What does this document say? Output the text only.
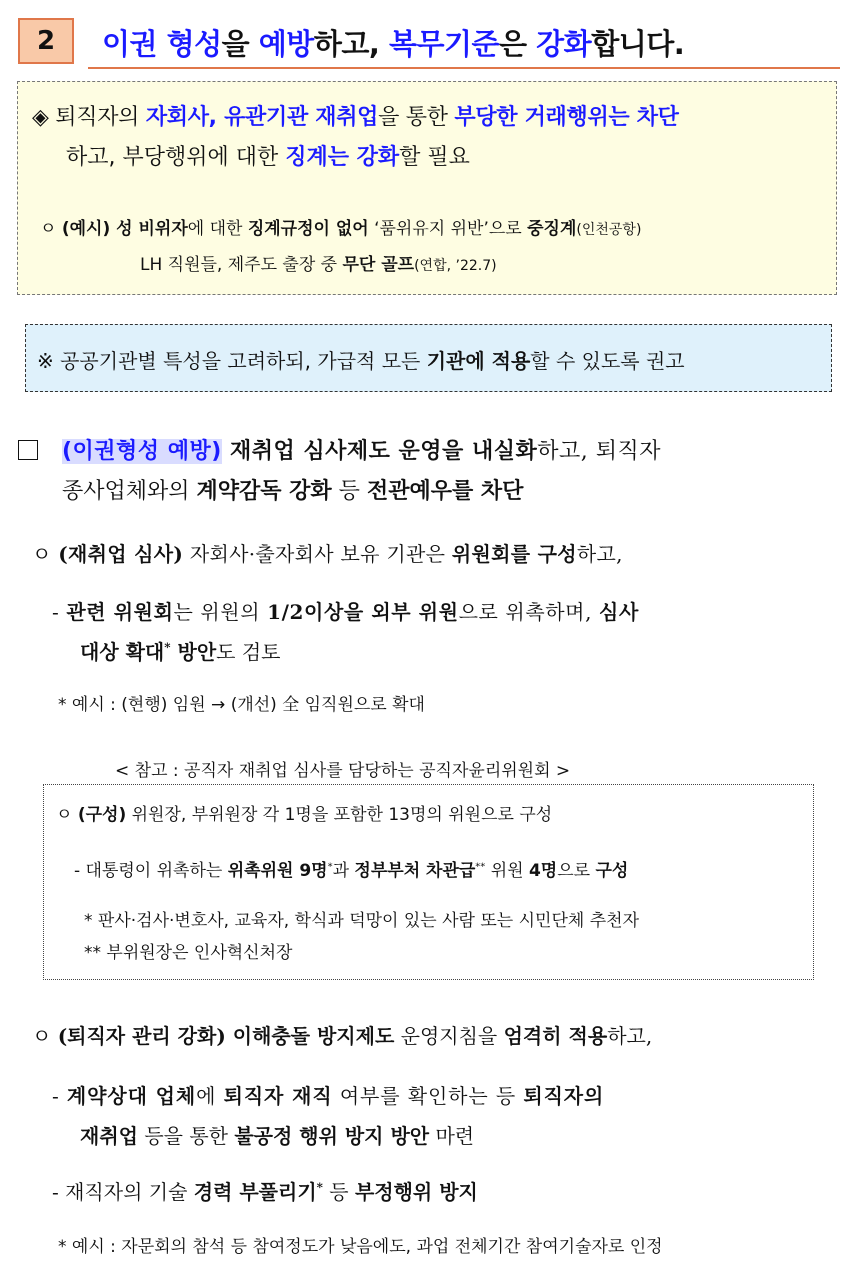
2	이권 형성을 예방하고, 복무기준은 강화합니다.
◈ 퇴직자의 자회사, 유관기관 재취업을 통한 부당한 거래행위는 차단
하고, 부당행위에 대한 징계는 강화할 필요
ㅇ (예시) 성 비위자에 대한 징계규정이 없어 ‘품위유지 위반’으로 중징계(인천공항)
LH 직원들, 제주도 출장 중 무단 골프(연합, ’22.7)
※ 공공기관별 특성을 고려하되, 가급적 모든 기관에 적용할 수 있도록 권고
(이권형성 예방) 재취업 심사제도 운영을 내실화하고, 퇴직자
종사업체와의 계약감독 강화 등 전관예우를 차단
ㅇ (재취업 심사) 자회사·출자회사 보유 기관은 위원회를 구성하고,
- 관련 위원회는 위원의 1/2이상을 외부 위원으로 위촉하며, 심사
대상 확대* 방안도 검토
* 예시 : (현행) 임원 → (개선) 全 임직원으로 확대
< 참고 : 공직자 재취업 심사를 담당하는 공직자윤리위원회 >
ㅇ (구성) 위원장, 부위원장 각 1명을 포함한 13명의 위원으로 구성
- 대통령이 위촉하는 위촉위원 9명*과 정부부처 차관급** 위원 4명으로 구성
* 판사·검사·변호사, 교육자, 학식과 덕망이 있는 사람 또는 시민단체 추천자
** 부위원장은 인사혁신처장
ㅇ (퇴직자 관리 강화) 이해충돌 방지제도 운영지침을 엄격히 적용하고,
- 계약상대 업체에 퇴직자 재직 여부를 확인하는 등 퇴직자의
재취업 등을 통한 불공정 행위 방지 방안 마련
- 재직자의 기술 경력 부풀리기* 등 부정행위 방지
* 예시 : 자문회의 참석 등 참여정도가 낮음에도, 과업 전체기간 참여기술자로 인정
